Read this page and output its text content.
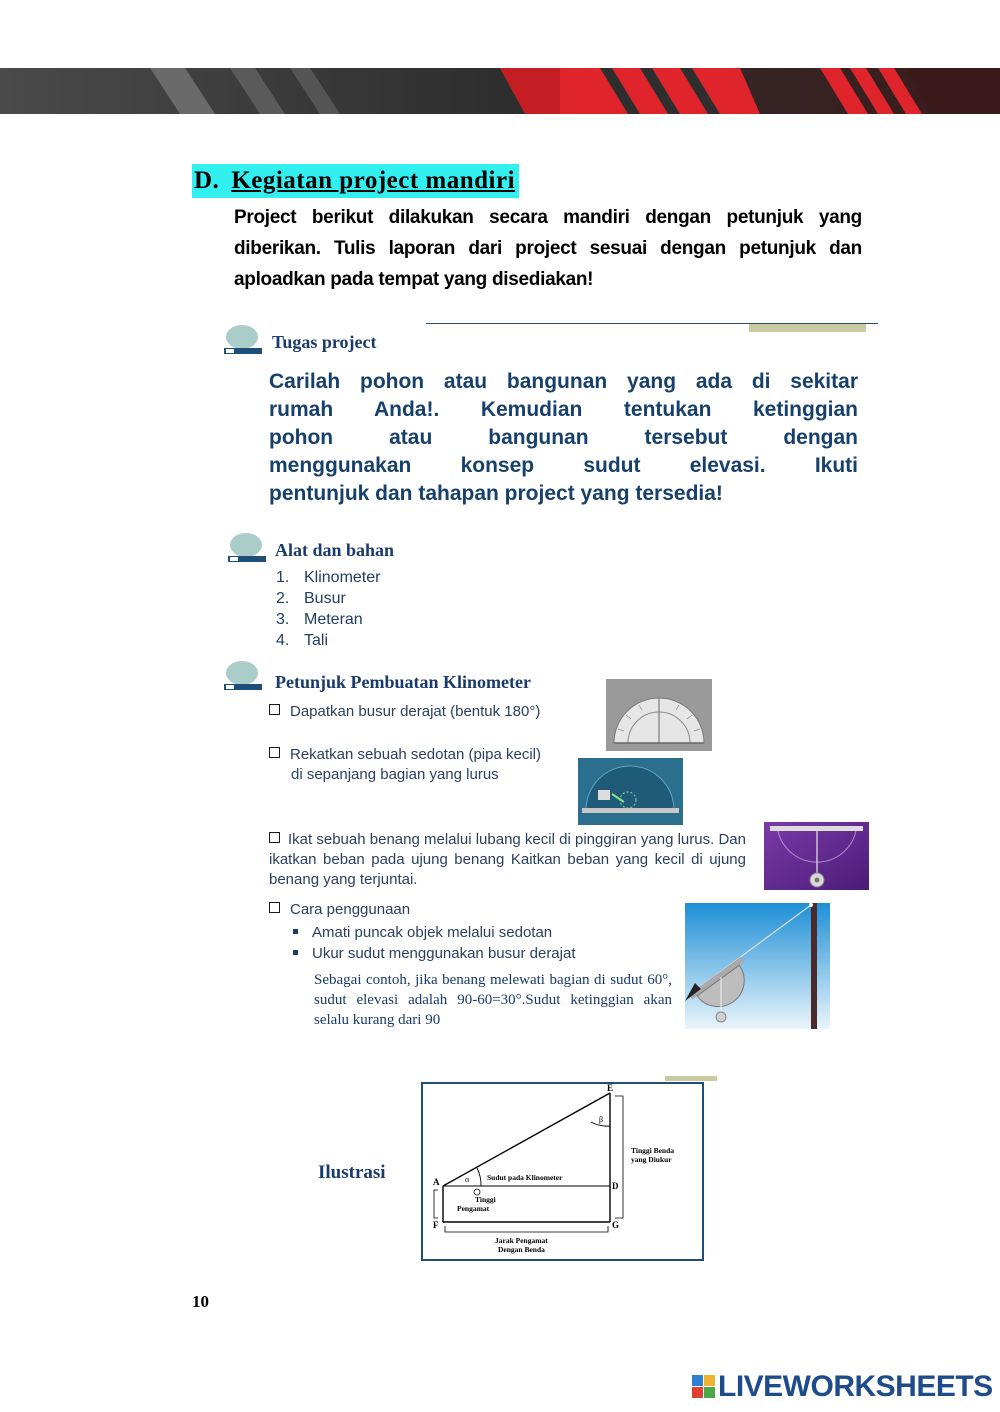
D. Kegiatan project mandiri
Project berikut dilakukan secara mandiri dengan petunjuk yang diberikan. Tulis laporan dari project sesuai dengan petunjuk dan aploadkan pada tempat yang disediakan!
Tugas project
Carilah pohon atau bangunan yang ada di sekitar
rumah Anda!. Kemudian tentukan ketinggian
pohon atau bangunan tersebut dengan
menggunakan konsep sudut elevasi. Ikuti
pentunjuk dan tahapan project yang tersedia!
Alat dan bahan
1. Klinometer
2. Busur
3. Meteran
4. Tali
Petunjuk Pembuatan Klinometer
Dapatkan busur derajat (bentuk 180°)
Rekatkan sebuah sedotan (pipa kecil)
di sepanjang bagian yang lurus
Ikat sebuah benang melalui lubang kecil di pinggiran yang lurus. Dan ikatkan beban pada ujung benang Kaitkan beban yang kecil di ujung benang yang terjuntai.
Cara penggunaan
Amati puncak objek melalui sedotan
Ukur sudut menggunakan busur derajat
Sebagai contoh, jika benang melewati bagian di sudut 60°, sudut elevasi adalah 90-60=30°.Sudut ketinggian akan selalu kurang dari 90
Ilustrasi
E
A	D
F	G
α
β
Sudut pada Klinometer
Tinggi
Pengamat
Tinggi Benda
yang Diukur
Jarak Pengamat
Dengan Benda
10
LIVEWORKSHEETS
